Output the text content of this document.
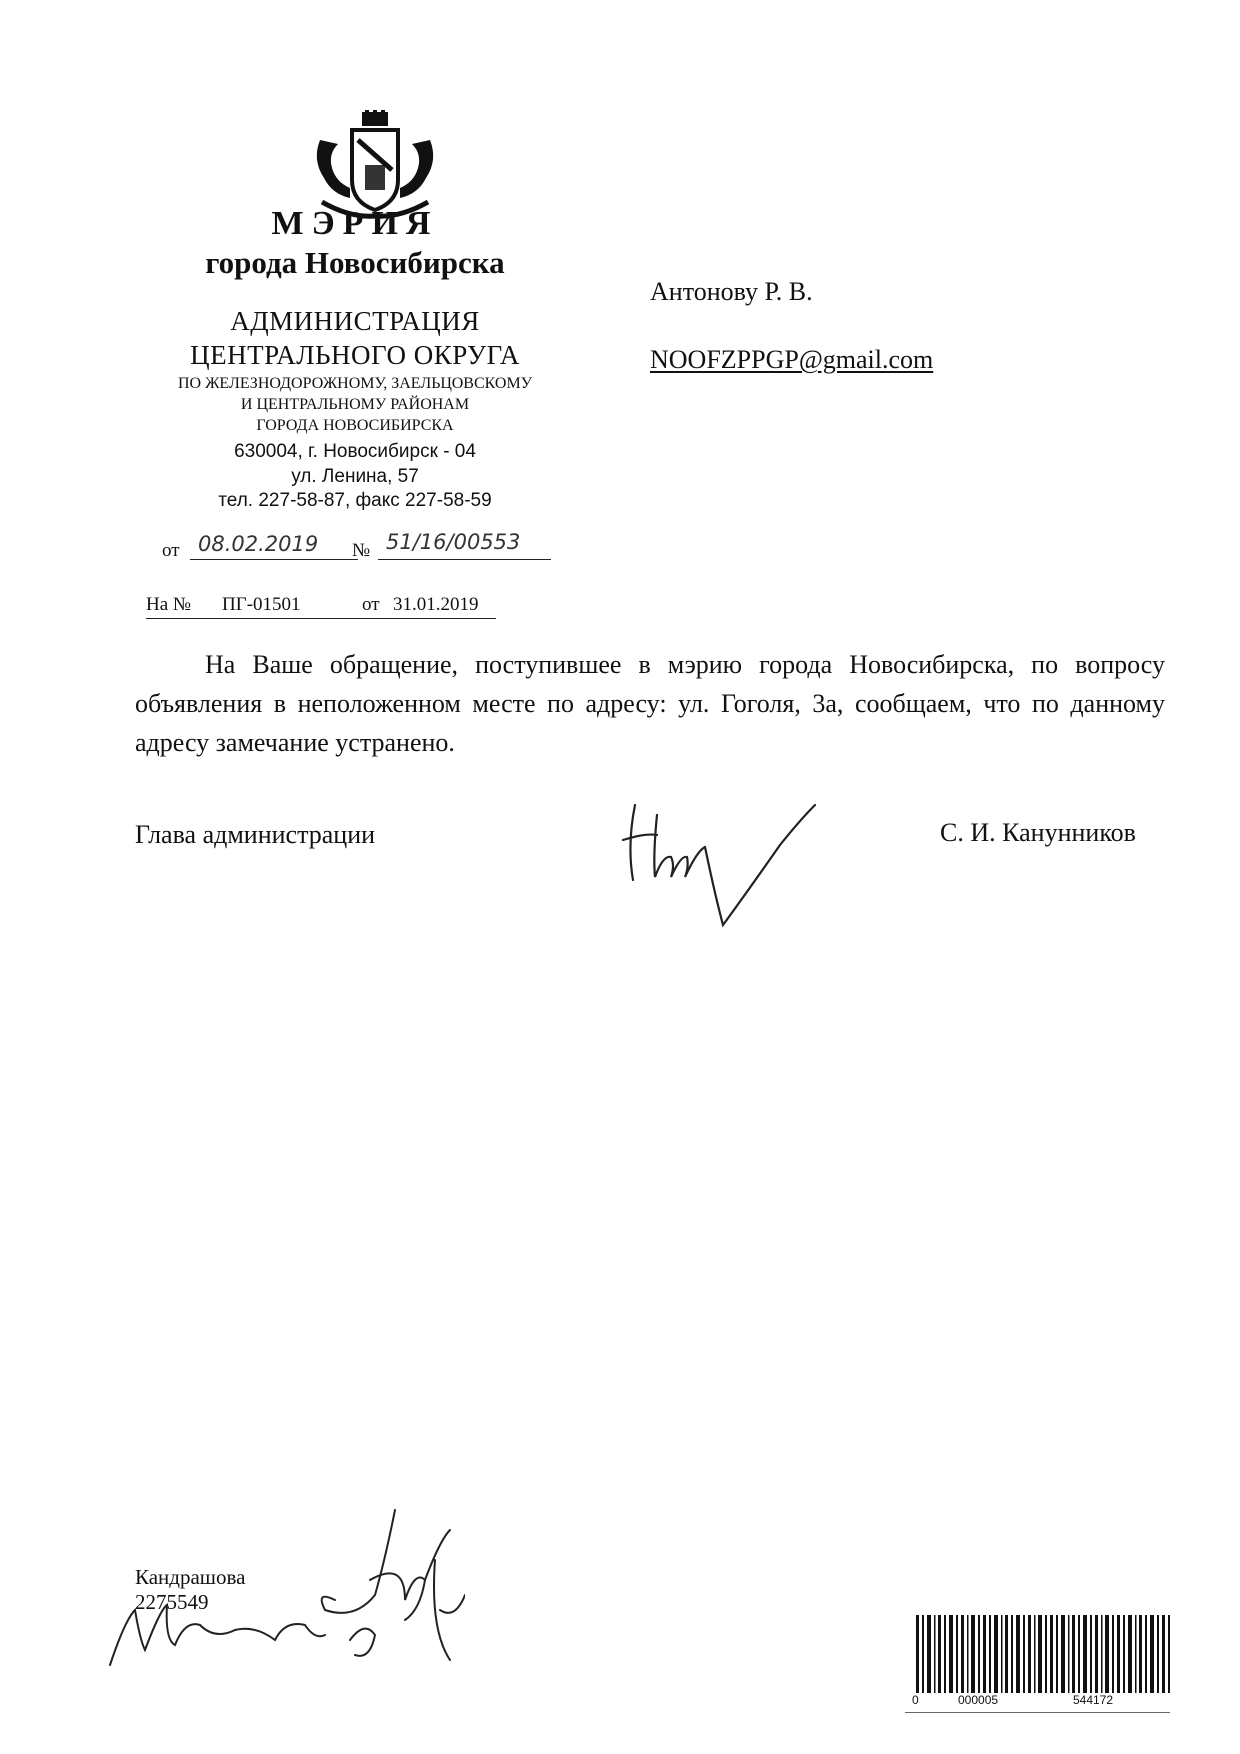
МЭРИЯ
города Новосибирска
АДМИНИСТРАЦИЯ
ЦЕНТРАЛЬНОГО ОКРУГА
ПО ЖЕЛЕЗНОДОРОЖНОМУ, ЗАЕЛЬЦОВСКОМУ
И ЦЕНТРАЛЬНОМУ РАЙОНАМ
ГОРОДА НОВОСИБИРСКА
630004, г. Новосибирск - 04
ул. Ленина, 57
тел. 227-58-87, факс 227-58-59
от 08.02.2019	№ 51/16/00553
На № ПГ-01501	от 31.01.2019
Антонову Р. В.
NOOFZPPGP@gmail.com
На Ваше обращение, поступившее в мэрию города Новосибирска, по вопросу объявления в неположенном месте по адресу: ул. Гоголя, 3а, сообщаем, что по данному адресу замечание устранено.
Глава администрации	С. И. Канунников
Кандрашова
2275549
0	000005	544172
